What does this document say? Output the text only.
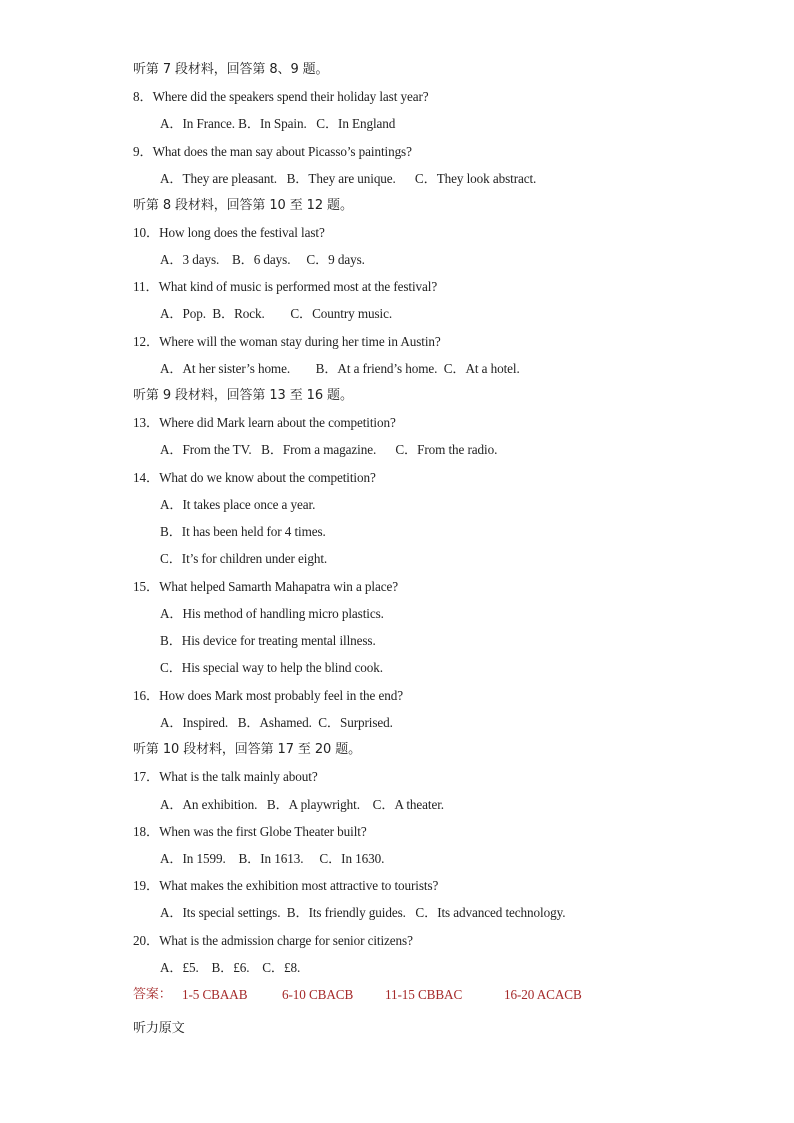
听第 7 段材料，回答第 8、9 题。
8．Where did the speakers spend their holiday last year?
A．In France. B．In Spain.   C．In England
9．What does the man say about Picasso’s paintings?
A．They are pleasant.   B．They are unique.      C．They look abstract.
听第 8 段材料，回答第 10 至 12 题。
10．How long does the festival last?
A．3 days.    B．6 days.     C．9 days.
11．What kind of music is performed most at the festival?
A．Pop.  B．Rock.        C．Country music.
12．Where will the woman stay during her time in Austin?
A．At her sister’s home.        B．At a friend’s home.  C．At a hotel.
听第 9 段材料，回答第 13 至 16 题。
13．Where did Mark learn about the competition?
A．From the TV.   B．From a magazine.      C．From the radio.
14．What do we know about the competition?
A．It takes place once a year.
B．It has been held for 4 times.
C．It’s for children under eight.
15．What helped Samarth Mahapatra win a place?
A．His method of handling micro plastics.
B．His device for treating mental illness.
C．His special way to help the blind cook.
16．How does Mark most probably feel in the end?
A．Inspired.   B．Ashamed.  C．Surprised.
听第 10 段材料，回答第 17 至 20 题。
17．What is the talk mainly about?
A．An exhibition.   B．A playwright.    C．A theater.
18．When was the first Globe Theater built?
A．In 1599.    B．In 1613.     C．In 1630.
19．What makes the exhibition most attractive to tourists?
A．Its special settings.  B．Its friendly guides.   C．Its advanced technology.
20．What is the admission charge for senior citizens?
A．£5.    B．£6.    C．£8.

答案：

1-5 CBAAB

	6-10 CBACB

11-15 CBBAC

	16-20 ACACB

听力原文
